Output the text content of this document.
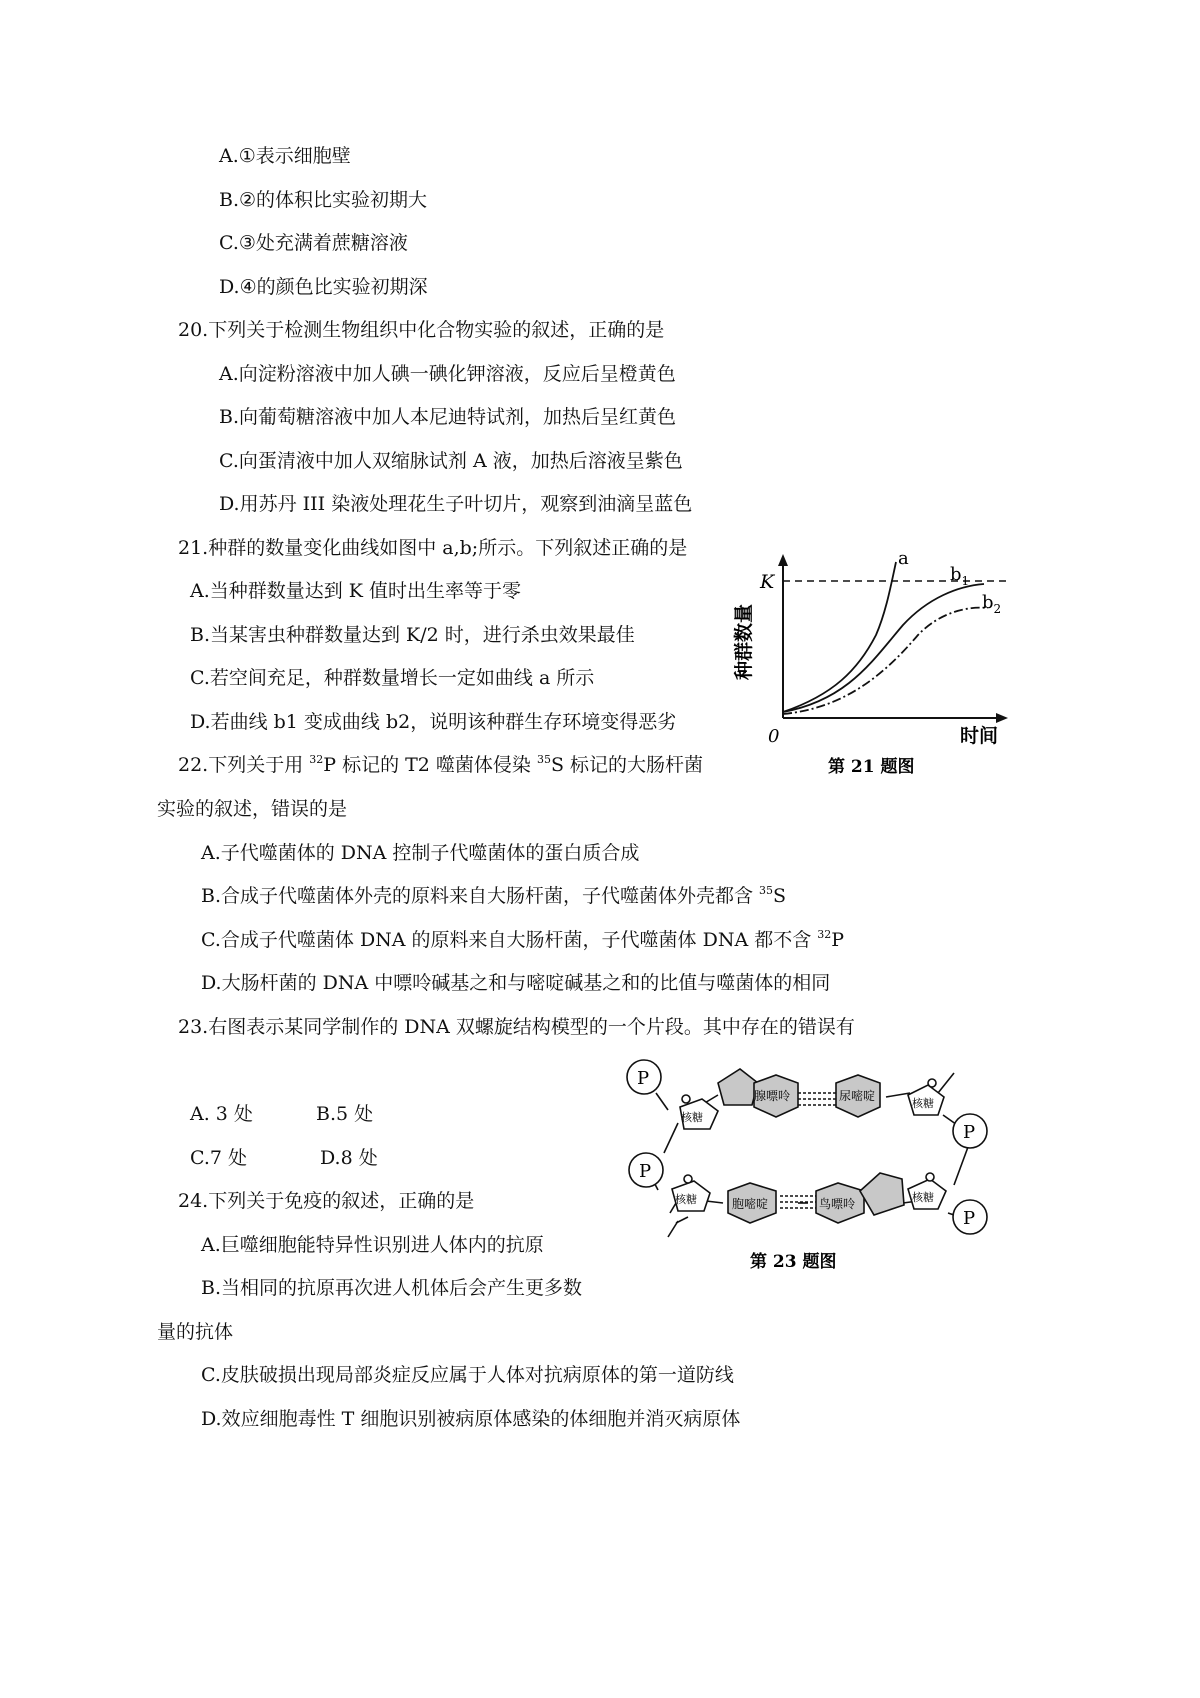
A.①表示细胞壁
B.②的体积比实验初期大
C.③处充满着蔗糖溶液
D.④的颜色比实验初期深
20.下列关于检测生物组织中化合物实验的叙述，正确的是
A.向淀粉溶液中加人碘一碘化钾溶液，反应后呈橙黄色
B.向葡萄糖溶液中加人本尼迪特试剂，加热后呈红黄色
C.向蛋清液中加人双缩脉试剂 A 液，加热后溶液呈紫色
D.用苏丹 III 染液处理花生子叶切片，观察到油滴呈蓝色
21.种群的数量变化曲线如图中 a,b;所示。下列叙述正确的是
A.当种群数量达到 K 值时出生率等于零
B.当某害虫种群数量达到 K/2 时，进行杀虫效果最佳
C.若空间充足，种群数量增长一定如曲线 a 所示
D.若曲线 b1 变成曲线 b2，说明该种群生存环境变得恶劣
K
0
a
$b_1$
$b_2$
种群数量
时间
第 21 题图
22.下列关于用 $^{32}$P 标记的 T2 噬菌体侵染 $^{35}$S 标记的大肠杆菌
实验的叙述，错误的是
A.子代噬菌体的 DNA 控制子代噬菌体的蛋白质合成
B.合成子代噬菌体外壳的原料来自大肠杆菌，子代噬菌体外壳都含 $^{35}$S
C.合成子代噬菌体 DNA 的原料来自大肠杆菌，子代噬菌体 DNA 都不含 $^{32}$P
D.大肠杆菌的 DNA 中嘌呤碱基之和与嘧啶碱基之和的比值与噬菌体的相同
23.右图表示某同学制作的 DNA 双螺旋结构模型的一个片段。其中存在的错误有
A. 3 处	B.5 处
C.7 处	D.8 处
P
P
P
P
核糖
核糖
核糖	核糖
腺嘌呤	尿嘧啶
胞嘧啶	鸟嘌呤
第 23 题图
24.下列关于免疫的叙述，正确的是
A.巨噬细胞能特异性识别进人体内的抗原
B.当相同的抗原再次进人机体后会产生更多数
量的抗体
C.皮肤破损出现局部炎症反应属于人体对抗病原体的第一道防线
D.效应细胞毒性 T 细胞识别被病原体感染的体细胞并消灭病原体
